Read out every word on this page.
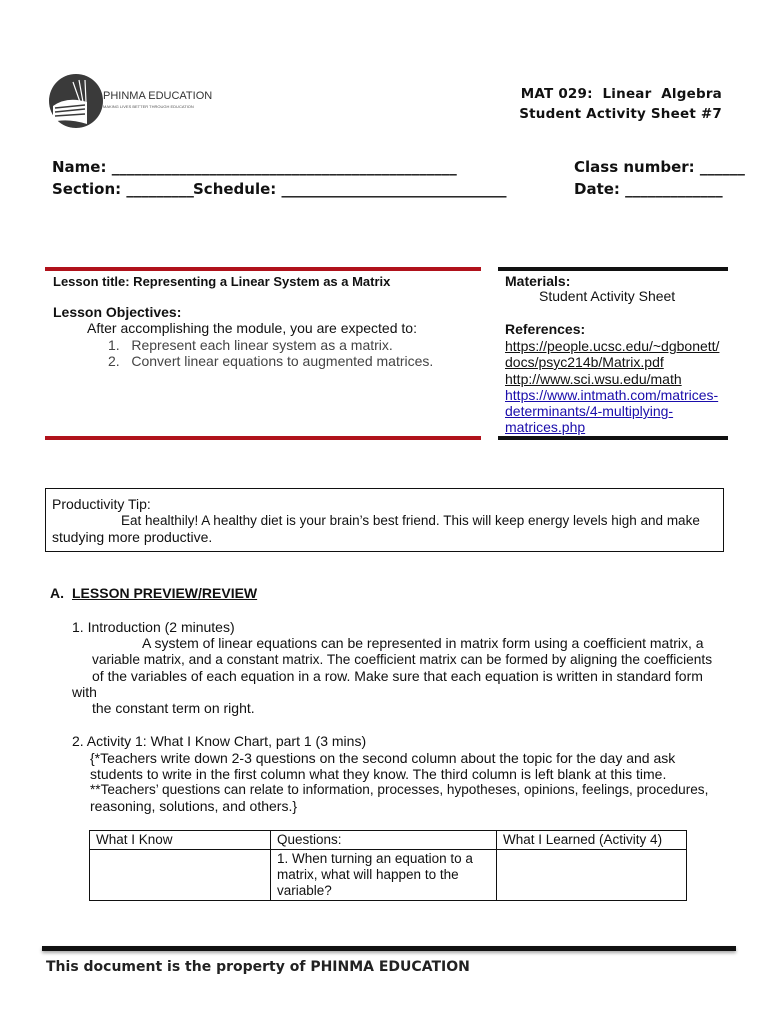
PHINMA EDUCATION
MAKING LIVES BETTER THROUGH EDUCATION
MAT 029:  Linear  Algebra
Student Activity Sheet #7
Name: ______________________________________________
Section: _________ Schedule: ______________________________
Class number: ______
Date: _____________
Lesson title: Representing a Linear System as a Matrix
Lesson Objectives:
After accomplishing the module, you are expected to:
1.   Represent each linear system as a matrix.
2.   Convert linear equations to augmented matrices.
Materials:
Student Activity Sheet
References:
https://people.ucsc.edu/~dgbonett/
docs/psyc214b/Matrix.pdf
http://www.sci.wsu.edu/math
https://www.intmath.com/matrices-
determinants/4-multiplying-
matrices.php
Productivity Tip:
Eat healthily! A healthy diet is your brain’s best friend. This will keep energy levels high and make
studying more productive.
A. LESSON PREVIEW/REVIEW
1. Introduction (2 minutes)
A system of linear equations can be represented in matrix form using a coefficient matrix, a
variable matrix, and a constant matrix. The coefficient matrix can be formed by aligning the coefficients
of the variables of each equation in a row. Make sure that each equation is written in standard form
with
the constant term on right.
2. Activity 1: What I Know Chart, part 1 (3 mins)
{*Teachers write down 2-3 questions on the second column about the topic for the day and ask
students to write in the first column what they know. The third column is left blank at this time.
**Teachers’ questions can relate to information, processes, hypotheses, opinions, feelings, procedures,
reasoning, solutions, and others.}
What I Know	Questions:	What I Learned (Activity 4)
	1. When turning an equation to a matrix, what will happen to the variable?	
This document is the property of PHINMA EDUCATION
